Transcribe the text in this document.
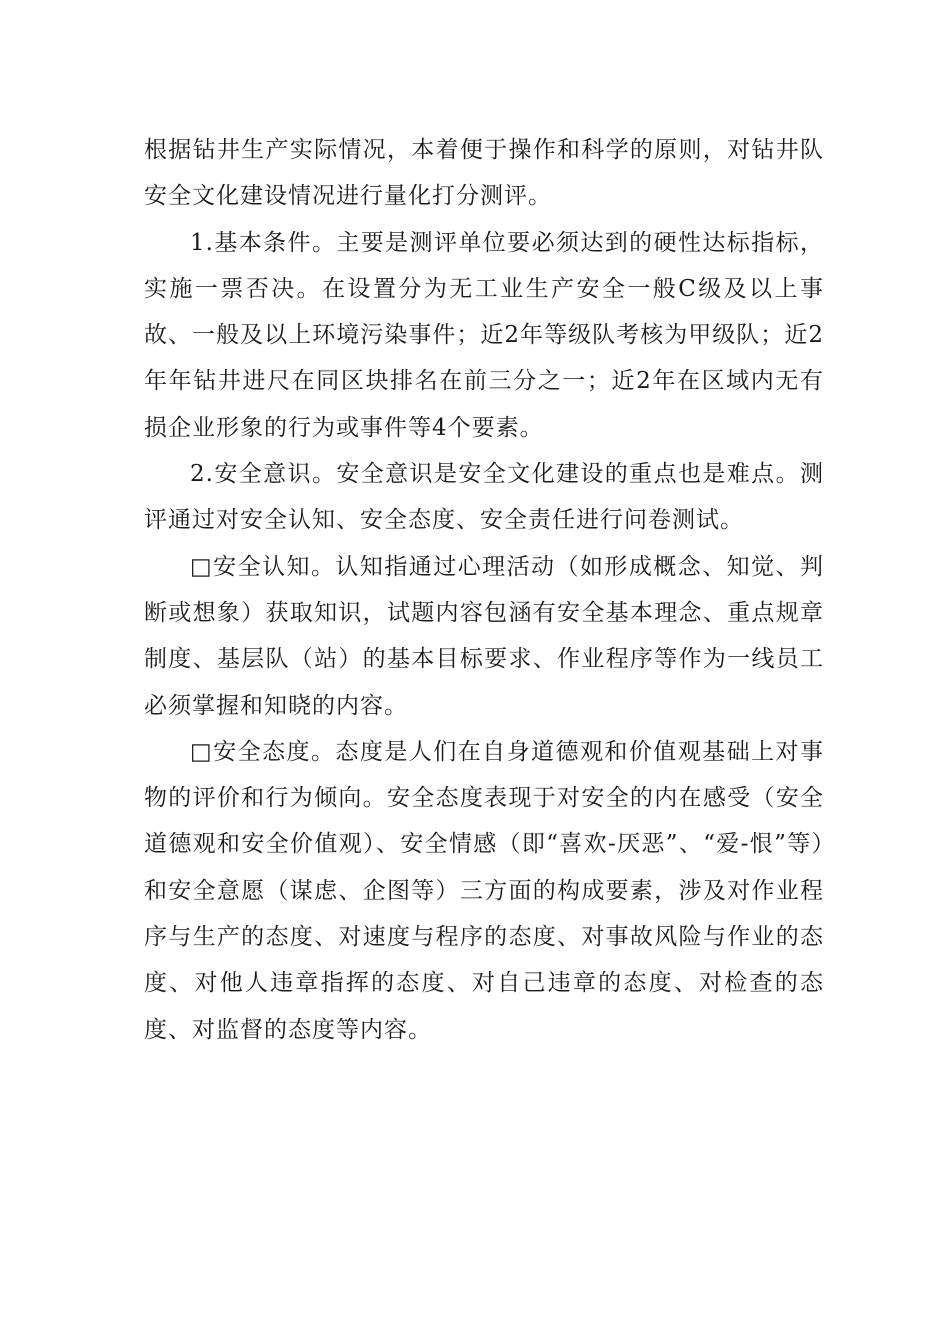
根据钻井生产实际情况，本着便于操作和科学的原则，对钻井队安全文化建设情况进行量化打分测评。

1.基本条件。主要是测评单位要必须达到的硬性达标指标，实施一票否决。在设置分为无工业生产安全一般C级及以上事故、一般及以上环境污染事件；近2年等级队考核为甲级队；近2年年钻井进尺在同区块排名在前三分之一；近2年在区域内无有损企业形象的行为或事件等4个要素。

2.安全意识。安全意识是安全文化建设的重点也是难点。测评通过对安全认知、安全态度、安全责任进行问卷测试。

□安全认知。认知指通过心理活动（如形成概念、知觉、判断或想象）获取知识，试题内容包涵有安全基本理念、重点规章制度、基层队（站）的基本目标要求、作业程序等作为一线员工必须掌握和知晓的内容。

□安全态度。态度是人们在自身道德观和价值观基础上对事物的评价和行为倾向。安全态度表现于对安全的内在感受（安全道德观和安全价值观）、安全情感（即“喜欢-厌恶”、“爱-恨”等）和安全意愿（谋虑、企图等）三方面的构成要素，涉及对作业程序与生产的态度、对速度与程序的态度、对事故风险与作业的态度、对他人违章指挥的态度、对自己违章的态度、对检查的态度、对监督的态度等内容。
